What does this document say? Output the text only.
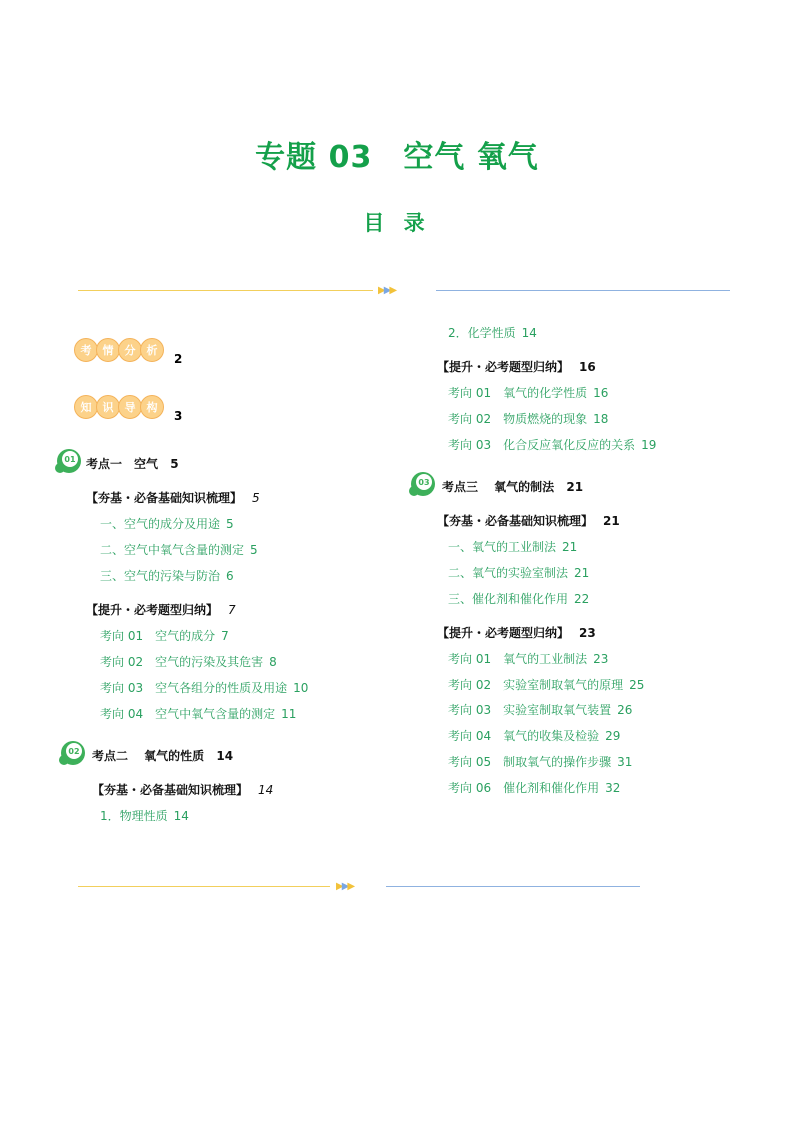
专题 03　空气 氧气
目 录
▶▶▶
考	情	分	析
2
知	识	导	构
3
01 考点一　空气 5
【夯基・必备基础知识梳理】 5
一、空气的成分及用途 5
二、空气中氧气含量的测定 5
三、空气的污染与防治 6
【提升・必考题型归纳】 7
考向 01　空气的成分 7
考向 02　空气的污染及其危害 8
考向 03　空气各组分的性质及用途 10
考向 04　空气中氧气含量的测定 11
02 考点二　 氧气的性质 14
【夯基・必备基础知识梳理】 14
1．物理性质 14
2．化学性质 14
【提升・必考题型归纳】 16
考向 01　氧气的化学性质 16
考向 02　物质燃烧的现象 18
考向 03　化合反应氧化反应的关系 19
03 考点三　 氧气的制法 21
【夯基・必备基础知识梳理】 21
一、氧气的工业制法 21
二、氧气的实验室制法 21
三、催化剂和催化作用 22
【提升・必考题型归纳】 23
考向 01　氧气的工业制法 23
考向 02　实验室制取氧气的原理 25
考向 03　实验室制取氧气装置 26
考向 04　氧气的收集及检验 29
考向 05　制取氧气的操作步骤 31
考向 06　催化剂和催化作用 32
▶▶▶
